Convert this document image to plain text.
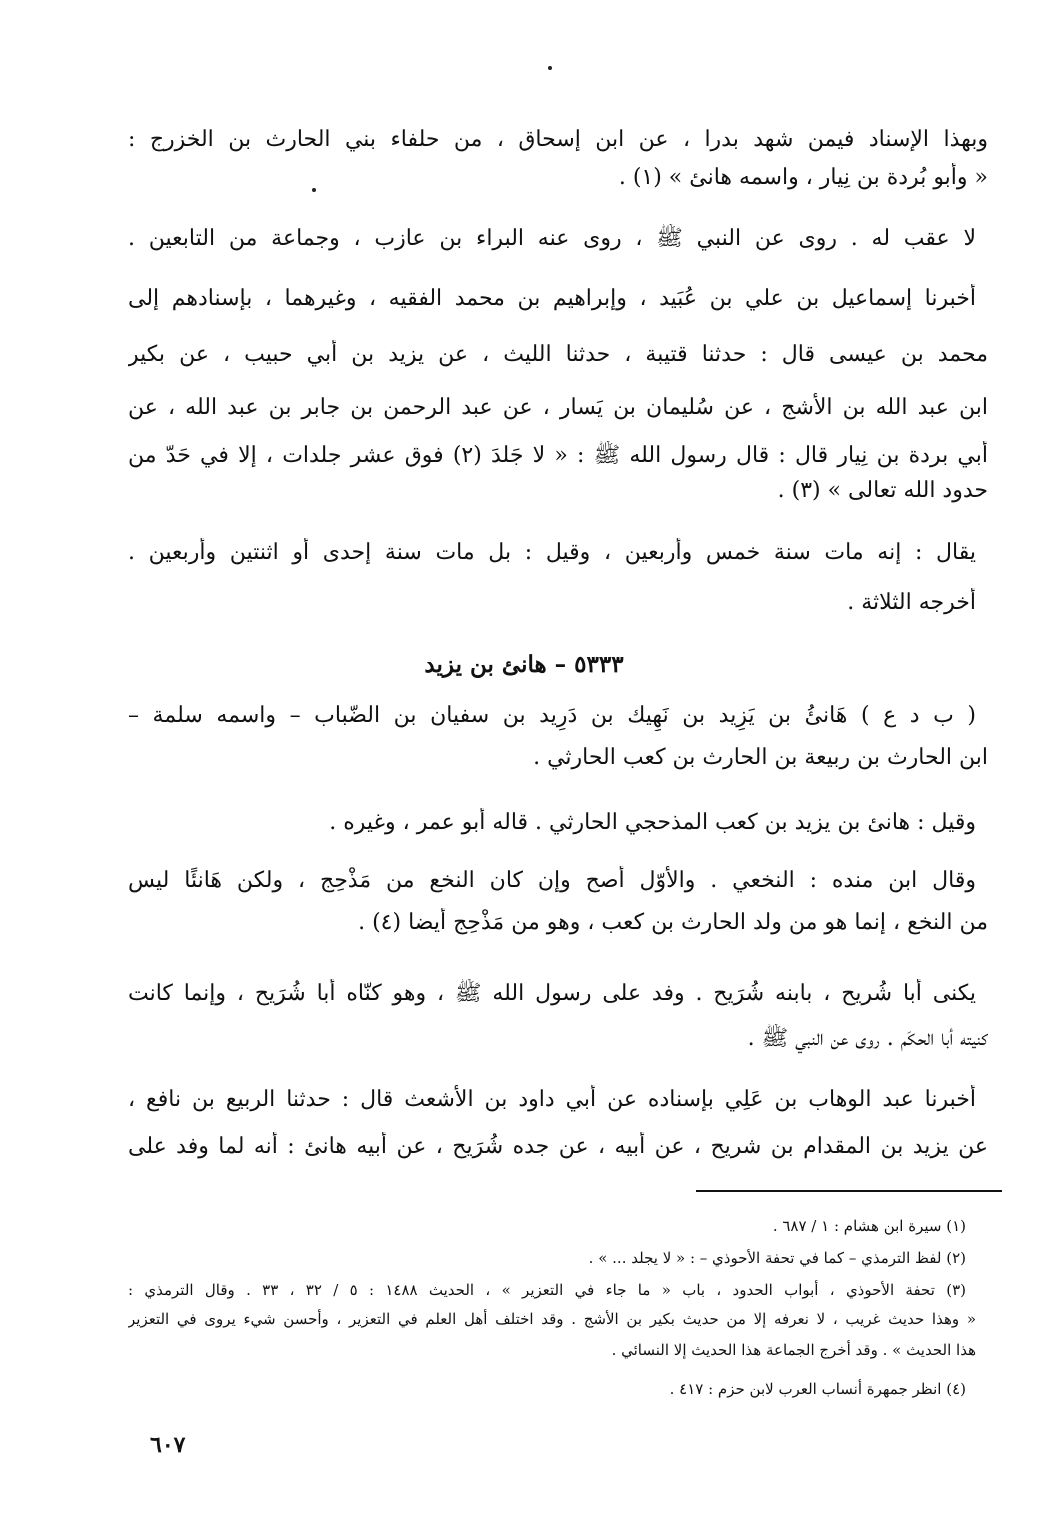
وبهذا الإسناد فيمن شهد بدرا ، عن ابن إسحاق ، من حلفاء بني الحارث بن الخزرج :
« وأبو بُردة بن نِيار ، واسمه هانئ » (١) .
لا عقب له . روى عن النبي ﷺ ، روى عنه البراء بن عازب ، وجماعة من التابعين .
أخبرنا إسماعيل بن علي بن عُبَيد ، وإبراهيم بن محمد الفقيه ، وغيرهما ، بإسنادهم إلى
محمد بن عيسى قال : حدثنا قتيبة ، حدثنا الليث ، عن يزيد بن أبي حبيب ، عن بكير
ابن عبد الله بن الأشج ، عن سُليمان بن يَسار ، عن عبد الرحمن بن جابر بن عبد الله ، عن
أبي بردة بن نِيار قال : قال رسول الله ﷺ : « لا جَلدَ (٢) فوق عشر جلدات ، إلا في حَدّ من
حدود الله تعالى » (٣) .
يقال : إنه مات سنة خمس وأربعين ، وقيل : بل مات سنة إحدى أو اثنتين وأربعين .
أخرجه الثلاثة .
٥٣٣٣ – هانئ بن يزيد
( ب د ع ) هَانئُ بن يَزِيد بن نَهِيك بن دَرِيد بن سفيان بن الضّباب – واسمه سلمة –
ابن الحارث بن ربيعة بن الحارث بن كعب الحارثي .
وقيل : هانئ بن يزيد بن كعب المذحجي الحارثي . قاله أبو عمر ، وغيره .
وقال ابن منده : النخعي . والأوّل أصح وإن كان النخع من مَذْحِج ، ولكن هَانئًا ليس
من النخع ، إنما هو من ولد الحارث بن كعب ، وهو من مَذْحِج أيضا (٤) .
يكنى أبا شُريح ، بابنه شُرَيح . وفد على رسول الله ﷺ ، وهو كنّاه أبا شُرَيح ، وإنما كانت
كنيته أبا الحكَم . روى عن النبي ﷺ .
أخبرنا عبد الوهاب بن عَلِي بإسناده عن أبي داود بن الأشعث قال : حدثنا الربيع بن نافع ،
عن يزيد بن المقدام بن شريح ، عن أبيه ، عن جده شُرَيح ، عن أبيه هانئ : أنه لما وفد على
(١) سيرة ابن هشام : ١ / ٦٨٧ .
(٢) لفظ الترمذي – كما في تحفة الأحوذي – : « لا يجلد ... » .
(٣) تحفة الأحوذي ، أبواب الحدود ، باب « ما جاء في التعزير » ، الحديث ١٤٨٨ : ٥ / ٣٢ ، ٣٣ . وقال الترمذي :
« وهذا حديث غريب ، لا نعرفه إلا من حديث بكير بن الأشج . وقد اختلف أهل العلم في التعزير ، وأحسن شيء يروى في التعزير
هذا الحديث » . وقد أخرج الجماعة هذا الحديث إلا النسائي .
(٤) انظر جمهرة أنساب العرب لابن حزم : ٤١٧ .
٦٠٧
